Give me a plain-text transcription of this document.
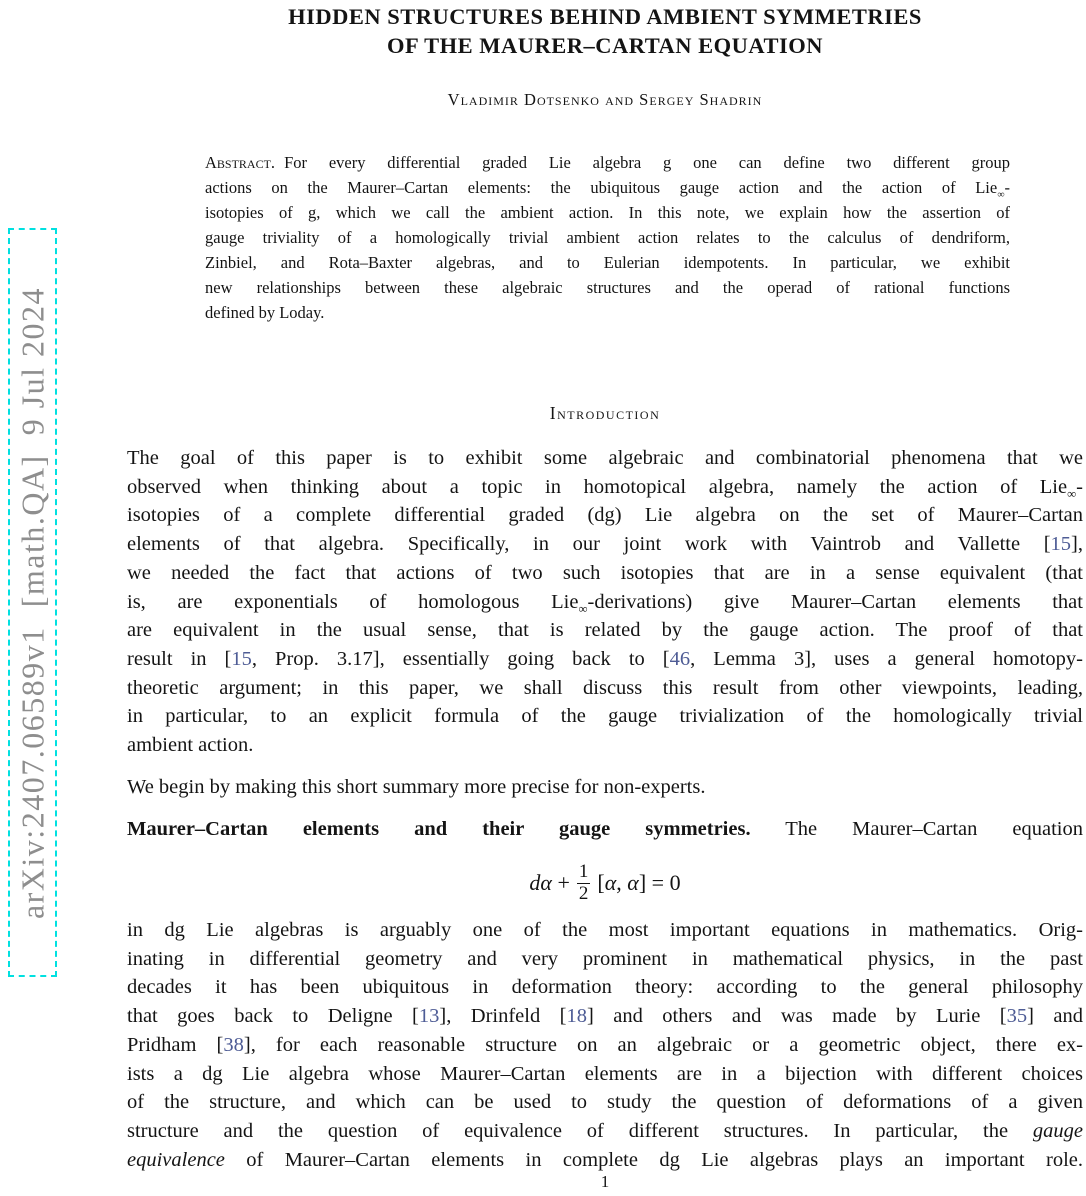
arXiv:2407.06589v1  [math.QA]  9 Jul 2024
HIDDEN STRUCTURES BEHIND AMBIENT SYMMETRIES
OF THE MAURER–CARTAN EQUATION
Vladimir Dotsenko and Sergey Shadrin
Abstract. For every differential graded Lie algebra g one can define two different group
actions on the Maurer–Cartan elements: the ubiquitous gauge action and the action of Lie$_\infty$-
isotopies of g, which we call the ambient action. In this note, we explain how the assertion of
gauge triviality of a homologically trivial ambient action relates to the calculus of dendriform,
Zinbiel, and Rota–Baxter algebras, and to Eulerian idempotents. In particular, we exhibit
new relationships between these algebraic structures and the operad of rational functions
defined by Loday.
Introduction
The goal of this paper is to exhibit some algebraic and combinatorial phenomena that we
observed when thinking about a topic in homotopical algebra, namely the action of Lie$_\infty$-
isotopies of a complete differential graded (dg) Lie algebra on the set of Maurer–Cartan
elements of that algebra. Specifically, in our joint work with Vaintrob and Vallette [15],
we needed the fact that actions of two such isotopies that are in a sense equivalent (that
is, are exponentials of homologous Lie$_\infty$-derivations) give Maurer–Cartan elements that
are equivalent in the usual sense, that is related by the gauge action. The proof of that
result in [15, Prop. 3.17], essentially going back to [46, Lemma 3], uses a general homotopy-
theoretic argument; in this paper, we shall discuss this result from other viewpoints, leading,
in particular, to an explicit formula of the gauge trivialization of the homologically trivial
ambient action.
We begin by making this short summary more precise for non-experts.
Maurer–Cartan elements and their gauge symmetries. The Maurer–Cartan equation
$d\alpha + \frac{1}{2} [\alpha$, α] = 0
in dg Lie algebras is arguably one of the most important equations in mathematics. Orig-
inating in differential geometry and very prominent in mathematical physics, in the past
decades it has been ubiquitous in deformation theory: according to the general philosophy
that goes back to Deligne [13], Drinfeld [18] and others and was made by Lurie [35] and
Pridham [38], for each reasonable structure on an algebraic or a geometric object, there ex-
ists a dg Lie algebra whose Maurer–Cartan elements are in a bijection with different choices
of the structure, and which can be used to study the question of deformations of a given
structure and the question of equivalence of different structures. In particular, the gauge
equivalence of Maurer–Cartan elements in complete dg Lie algebras plays an important role.
1
